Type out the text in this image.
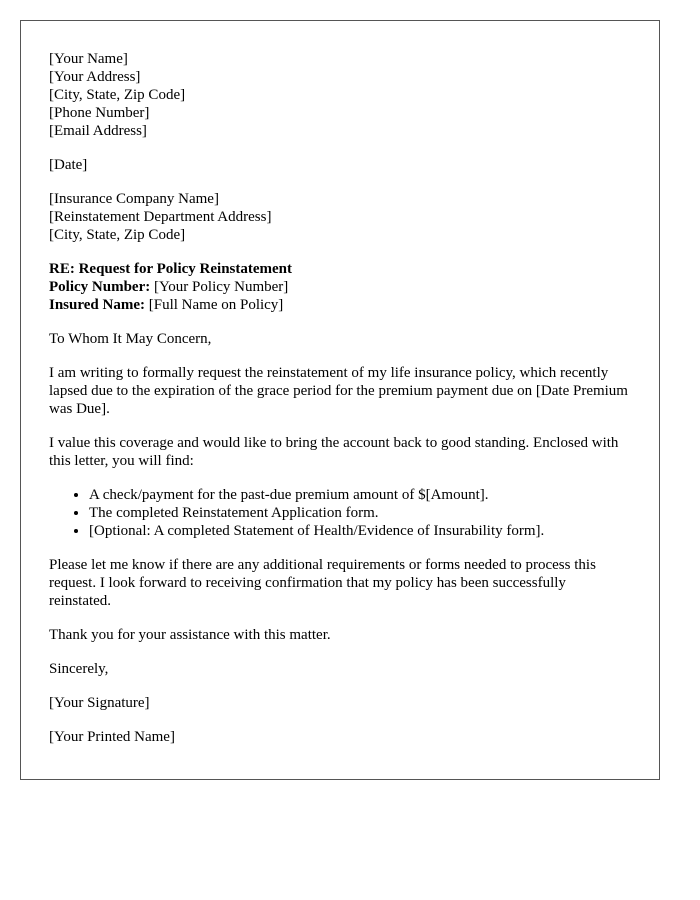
[Your Name]
[Your Address]
[City, State, Zip Code]
[Phone Number]
[Email Address]
[Date]
[Insurance Company Name]
[Reinstatement Department Address]
[City, State, Zip Code]
RE: Request for Policy Reinstatement
Policy Number: [Your Policy Number]
Insured Name: [Full Name on Policy]

To Whom It May Concern,

I am writing to formally request the reinstatement of my life insurance policy, which recently lapsed due to the expiration of the grace period for the premium payment due on [Date Premium was Due].

I value this coverage and would like to bring the account back to good standing. Enclosed with this letter, you will find:

• A check/payment for the past-due premium amount of $[Amount].
• The completed Reinstatement Application form.
• [Optional: A completed Statement of Health/Evidence of Insurability form].

Please let me know if there are any additional requirements or forms needed to process this request. I look forward to receiving confirmation that my policy has been successfully reinstated.

Thank you for your assistance with this matter.

Sincerely,

[Your Signature]

[Your Printed Name]
